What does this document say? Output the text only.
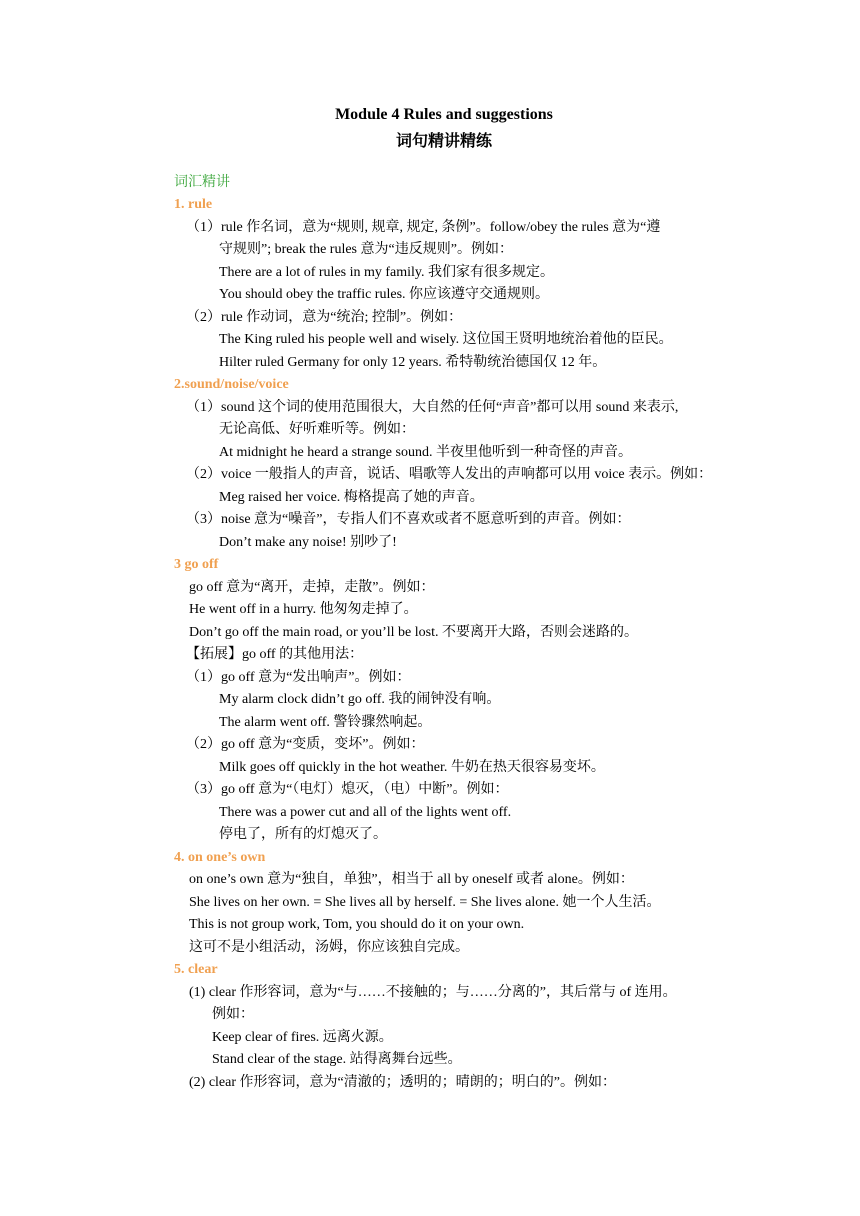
Module 4 Rules and suggestions
词句精讲精练
词汇精讲
1. rule
（1）rule 作名词，意为“规则, 规章, 规定, 条例”。follow/obey the rules 意为“遵
守规则”; break the rules 意为“违反规则”。例如：
There are a lot of rules in my family. 我们家有很多规定。
You should obey the traffic rules. 你应该遵守交通规则。
（2）rule 作动词，意为“统治; 控制”。例如：
The King ruled his people well and wisely. 这位国王贤明地统治着他的臣民。
Hilter ruled Germany for only 12 years. 希特勒统治德国仅 12 年。
2.sound/noise/voice
（1）sound 这个词的使用范围很大，大自然的任何“声音”都可以用 sound 来表示,
无论高低、好听难听等。例如：
At midnight he heard a strange sound. 半夜里他听到一种奇怪的声音。
（2）voice 一般指人的声音，说话、唱歌等人发出的声响都可以用 voice 表示。例如：
Meg raised her voice. 梅格提高了她的声音。
（3）noise 意为“噪音”，专指人们不喜欢或者不愿意听到的声音。例如：
Don’t make any noise! 别吵了!
3 go off
go off 意为“离开，走掉，走散”。例如：
He went off in a hurry. 他匆匆走掉了。
Don’t go off the main road, or you’ll be lost. 不要离开大路，否则会迷路的。
【拓展】go off 的其他用法：
（1）go off 意为“发出响声”。例如：
My alarm clock didn’t go off. 我的闹钟没有响。
The alarm went off. 警铃骤然响起。
（2）go off 意为“变质，变坏”。例如：
Milk goes off quickly in the hot weather. 牛奶在热天很容易变坏。
（3）go off 意为“（电灯）熄灭，（电）中断”。例如：
There was a power cut and all of the lights went off.
停电了，所有的灯熄灭了。
4. on one’s own
on one’s own 意为“独自，单独”，相当于 all by oneself 或者 alone。例如：
She lives on her own. = She lives all by herself. = She lives alone. 她一个人生活。
This is not group work, Tom, you should do it on your own.
这可不是小组活动，汤姆，你应该独自完成。
5. clear
(1) clear 作形容词，意为“与……不接触的；与……分离的”，其后常与 of 连用。
例如：
Keep clear of fires. 远离火源。
Stand clear of the stage. 站得离舞台远些。
(2) clear 作形容词，意为“清澈的；透明的；晴朗的；明白的”。例如：
